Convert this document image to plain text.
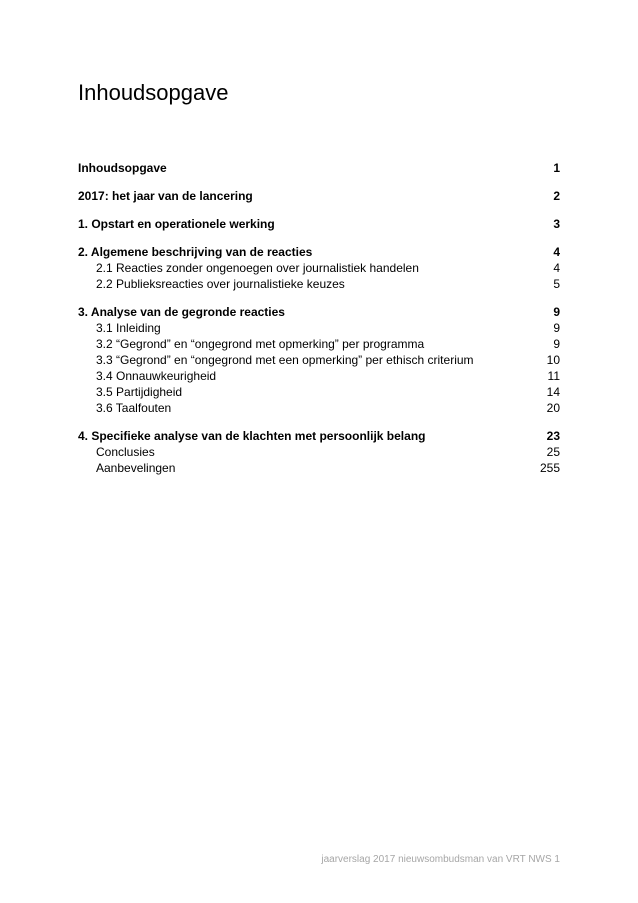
Inhoudsopgave
Inhoudsopgave	1
2017: het jaar van de lancering	2
1. Opstart en operationele werking	3
2. Algemene beschrijving van de reacties	4
2.1 Reacties zonder ongenoegen over journalistiek handelen	4
2.2 Publieksreacties over journalistieke keuzes	5
3. Analyse van de gegronde reacties	9
3.1 Inleiding	9
3.2 “Gegrond” en “ongegrond met opmerking” per programma	9
3.3 “Gegrond” en “ongegrond met een opmerking” per ethisch criterium	10
3.4 Onnauwkeurigheid	11
3.5 Partijdigheid	14
3.6 Taalfouten	20
4. Specifieke analyse van de klachten met persoonlijk belang	23
Conclusies	25
Aanbevelingen	255
jaarverslag 2017 nieuwsombudsman van VRT NWS 1
